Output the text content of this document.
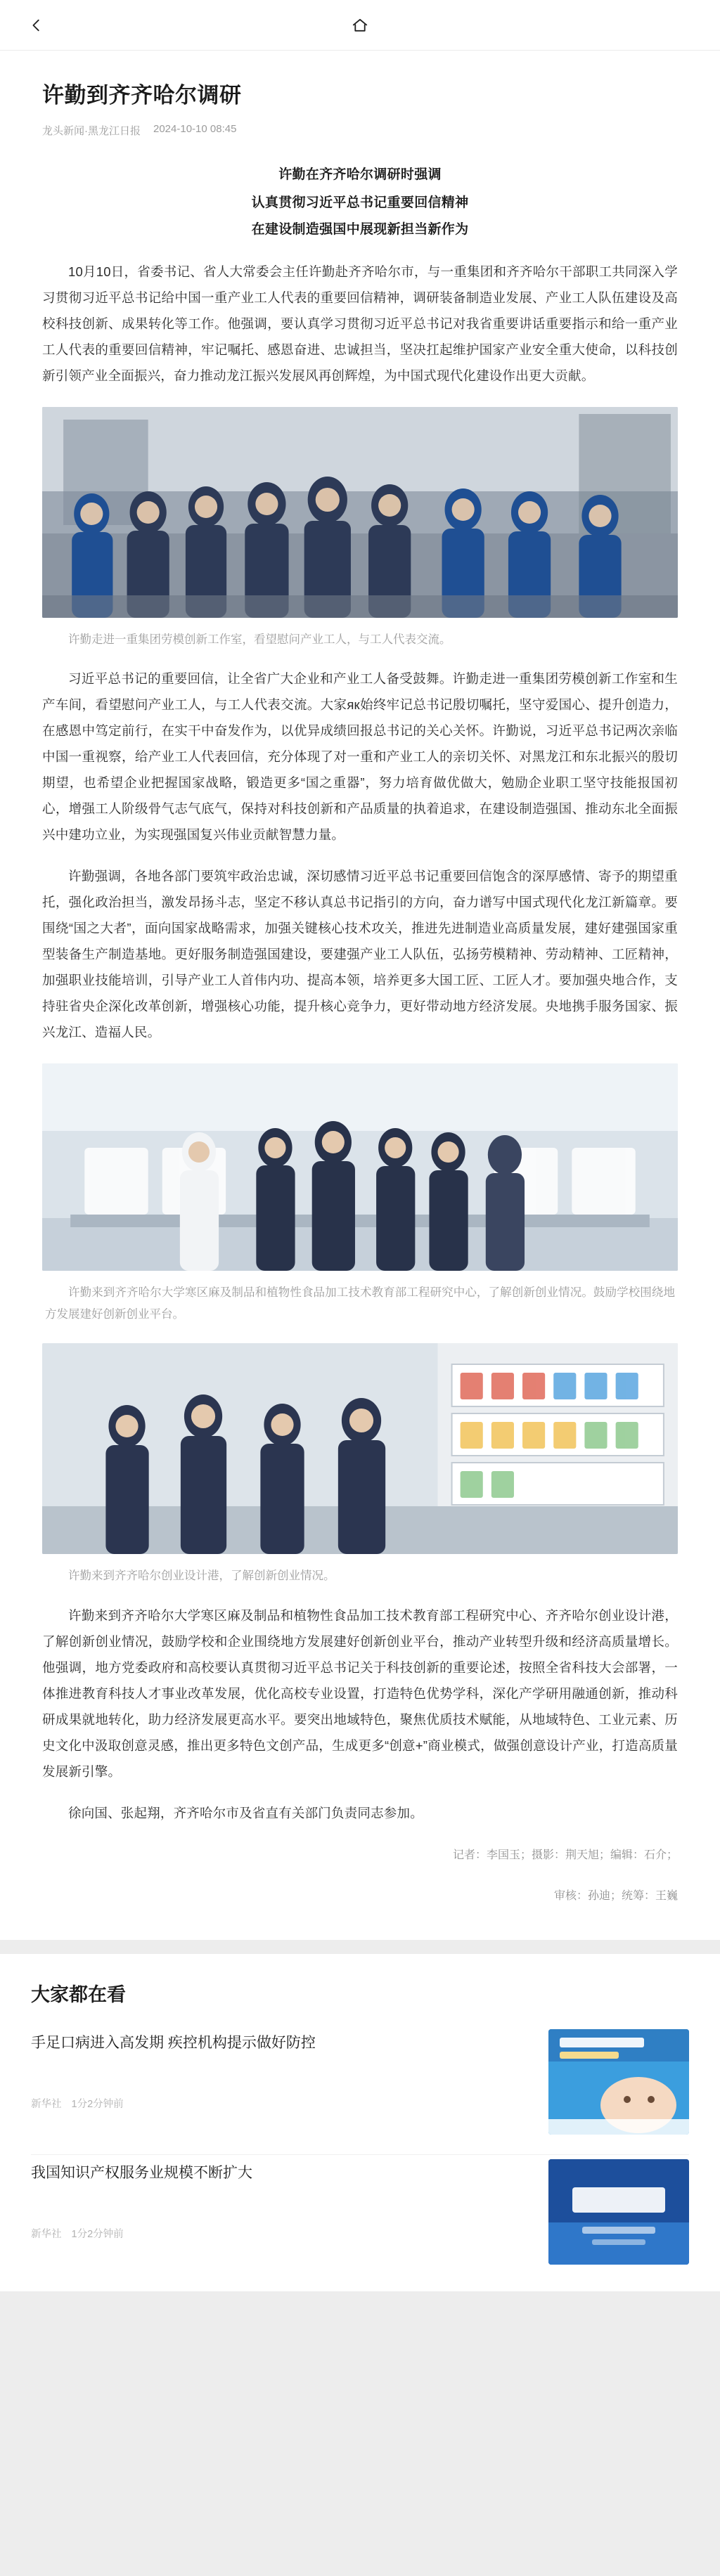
许勤到齐齐哈尔调研
龙头新闻·黑龙江日报 2024-10-10 08:45
许勤在齐齐哈尔调研时强调
认真贯彻习近平总书记重要回信精神
在建设制造强国中展现新担当新作为

10月10日，省委书记、省人大常委会主任许勤赴齐齐哈尔市，与一重集团和齐齐哈尔干部职工共同深入学习贯彻习近平总书记给中国一重产业工人代表的重要回信精神，调研装备制造业发展、产业工人队伍建设及高校科技创新、成果转化等工作。他强调，要认真学习贯彻习近平总书记对我省重要讲话重要指示和给一重产业工人代表的重要回信精神，牢记嘱托、感恩奋进、忠诚担当，坚决扛起维护国家产业安全重大使命，以科技创新引领产业全面振兴，奋力推动龙江振兴发展风再创辉煌，为中国式现代化建设作出更大贡献。

许勤走进一重集团劳模创新工作室，看望慰问产业工人，与工人代表交流。

习近平总书记的重要回信，让全省广大企业和产业工人备受鼓舞。许勤走进一重集团劳模创新工作室和生产车间，看望慰问产业工人，与工人代表交流。大家як始终牢记总书记殷切嘱托，坚守爱国心、提升创造力，在感恩中笃定前行，在实干中奋发作为，以优异成绩回报总书记的关心关怀。许勤说，习近平总书记两次亲临中国一重视察，给产业工人代表回信，充分体现了对一重和产业工人的亲切关怀、对黑龙江和东北振兴的殷切期望，也希望企业把握国家战略，锻造更多“国之重器”，努力培育做优做大，勉励企业职工坚守技能报国初心，增强工人阶级骨气志气底气，保持对科技创新和产品质量的执着追求，在建设制造强国、推动东北全面振兴中建功立业，为实现强国复兴伟业贡献智慧力量。

许勤强调，各地各部门要筑牢政治忠诚，深切感情习近平总书记重要回信饱含的深厚感情、寄予的期望重托，强化政治担当，激发昂扬斗志，坚定不移认真总书记指引的方向，奋力谱写中国式现代化龙江新篇章。要围绕“国之大者”，面向国家战略需求，加强关键核心技术攻关，推进先进制造业高质量发展，建好建强国家重型装备生产制造基地。更好服务制造强国建设，要建强产业工人队伍，弘扬劳模精神、劳动精神、工匠精神，加强职业技能培训，引导产业工人首伟内功、提高本领，培养更多大国工匠、工匠人才。要加强央地合作，支持驻省央企深化改革创新，增强核心功能，提升核心竞争力，更好带动地方经济发展。央地携手服务国家、振兴龙江、造福人民。

许勤来到齐齐哈尔大学寒区麻及制品和植物性食品加工技术教育部工程研究中心，了解创新创业情况。鼓励学校围绕地方发展建好创新创业平台。
许勤来到齐齐哈尔创业设计港，了解创新创业情况。

许勤来到齐齐哈尔大学寒区麻及制品和植物性食品加工技术教育部工程研究中心、齐齐哈尔创业设计港，了解创新创业情况，鼓励学校和企业围绕地方发展建好创新创业平台，推动产业转型升级和经济高质量增长。他强调，地方党委政府和高校要认真贯彻习近平总书记关于科技创新的重要论述，按照全省科技大会部署，一体推进教育科技人才事业改革发展，优化高校专业设置，打造特色优势学科，深化产学研用融通创新，推动科研成果就地转化，助力经济发展更高水平。要突出地域特色，聚焦优质技术赋能，从地域特色、工业元素、历史文化中汲取创意灵感，推出更多特色文创产品，生成更多“创意+”商业模式，做强创意设计产业，打造高质量发展新引擎。

徐向国、张起翔，齐齐哈尔市及省直有关部门负责同志参加。

记者：李国玉；摄影：荆天旭；编辑：石介；
审核：孙迪；统筹：王巍
大家都在看
手足口病进入高发期 疾控机构提示做好防控
新华社 1分2分钟前
我国知识产权服务业规模不断扩大
新华社 1分2分钟前
